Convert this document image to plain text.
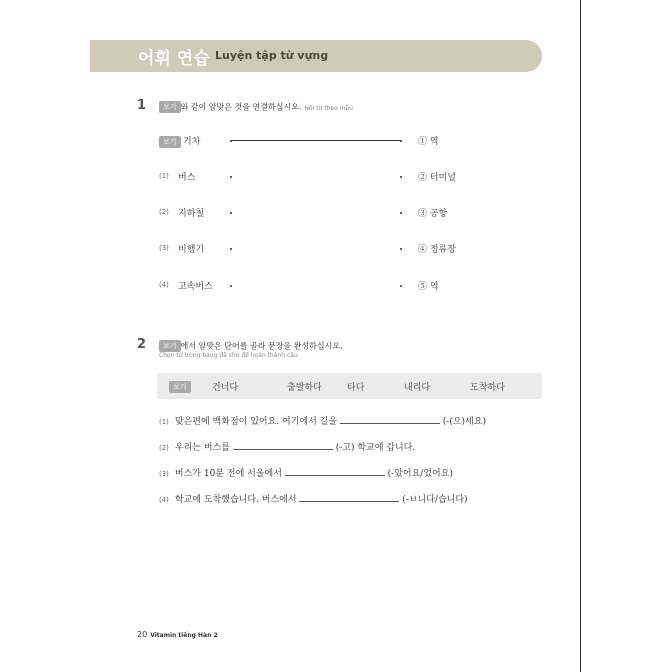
어휘 연습 Luyện tập từ vựng
1	보기 와 같이 알맞은 것을 연결하십시오. Nối từ theo mẫu
보기 기차	① 역
(1) 버스	② 터미널
(2) 지하철	③ 공항
(3) 비행기	④ 정류장
(4) 고속버스	⑤ 역
2	보기 에서 알맞은 단어를 골라 문장을 완성하십시오.
Chọn từ trong bảng đã cho để hoàn thành câu
보기	건너다	출발하다	타다	내리다	도착하다
(1) 맞은편에 백화점이 있어요. 여기에서 길을	(-(으)세요)
(2) 우리는 버스를	(-고) 학교에 갑니다.
(3) 버스가 10분 전에 서울에서	(-았어요/었어요)
(4) 학교에 도착했습니다. 버스에서	(-ㅂ니다/습니다)
20 Vitamin tiếng Hàn 2
